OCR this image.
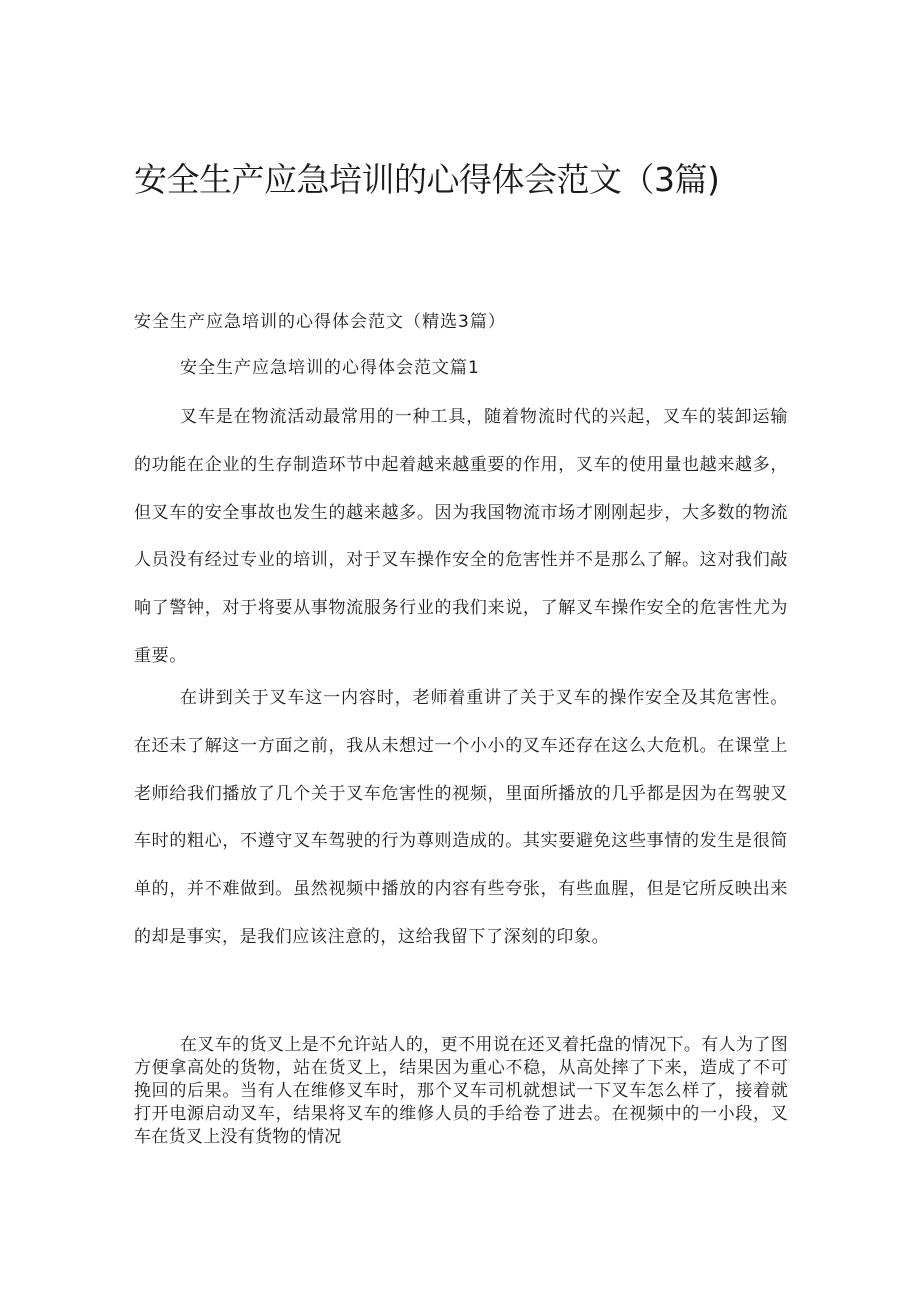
安全生产应急培训的心得体会范文（3篇)

安全生产应急培训的心得体会范文（精选3篇）

安全生产应急培训的心得体会范文篇1

叉车是在物流活动最常用的一种工具，随着物流时代的兴起，叉车的装卸运输的功能在企业的生存制造环节中起着越来越重要的作用，叉车的使用量也越来越多，但叉车的安全事故也发生的越来越多。因为我国物流市场才刚刚起步，大多数的物流人员没有经过专业的培训，对于叉车操作安全的危害性并不是那么了解。这对我们敲响了警钟，对于将要从事物流服务行业的我们来说，了解叉车操作安全的危害性尤为重要。

在讲到关于叉车这一内容时，老师着重讲了关于叉车的操作安全及其危害性。在还未了解这一方面之前，我从未想过一个小小的叉车还存在这么大危机。在课堂上老师给我们播放了几个关于叉车危害性的视频，里面所播放的几乎都是因为在驾驶叉车时的粗心，不遵守叉车驾驶的行为尊则造成的。其实要避免这些事情的发生是很简单的，并不难做到。虽然视频中播放的内容有些夸张，有些血腥，但是它所反映出来的却是事实，是我们应该注意的，这给我留下了深刻的印象。

在叉车的货叉上是不允许站人的，更不用说在还叉着托盘的情况下。有人为了图方便拿高处的货物，站在货叉上，结果因为重心不稳，从高处摔了下来，造成了不可挽回的后果。当有人在维修叉车时，那个叉车司机就想试一下叉车怎么样了，接着就打开电源启动叉车，结果将叉车的维修人员的手给卷了进去。在视频中的一小段，叉车在货叉上没有货物的情况
